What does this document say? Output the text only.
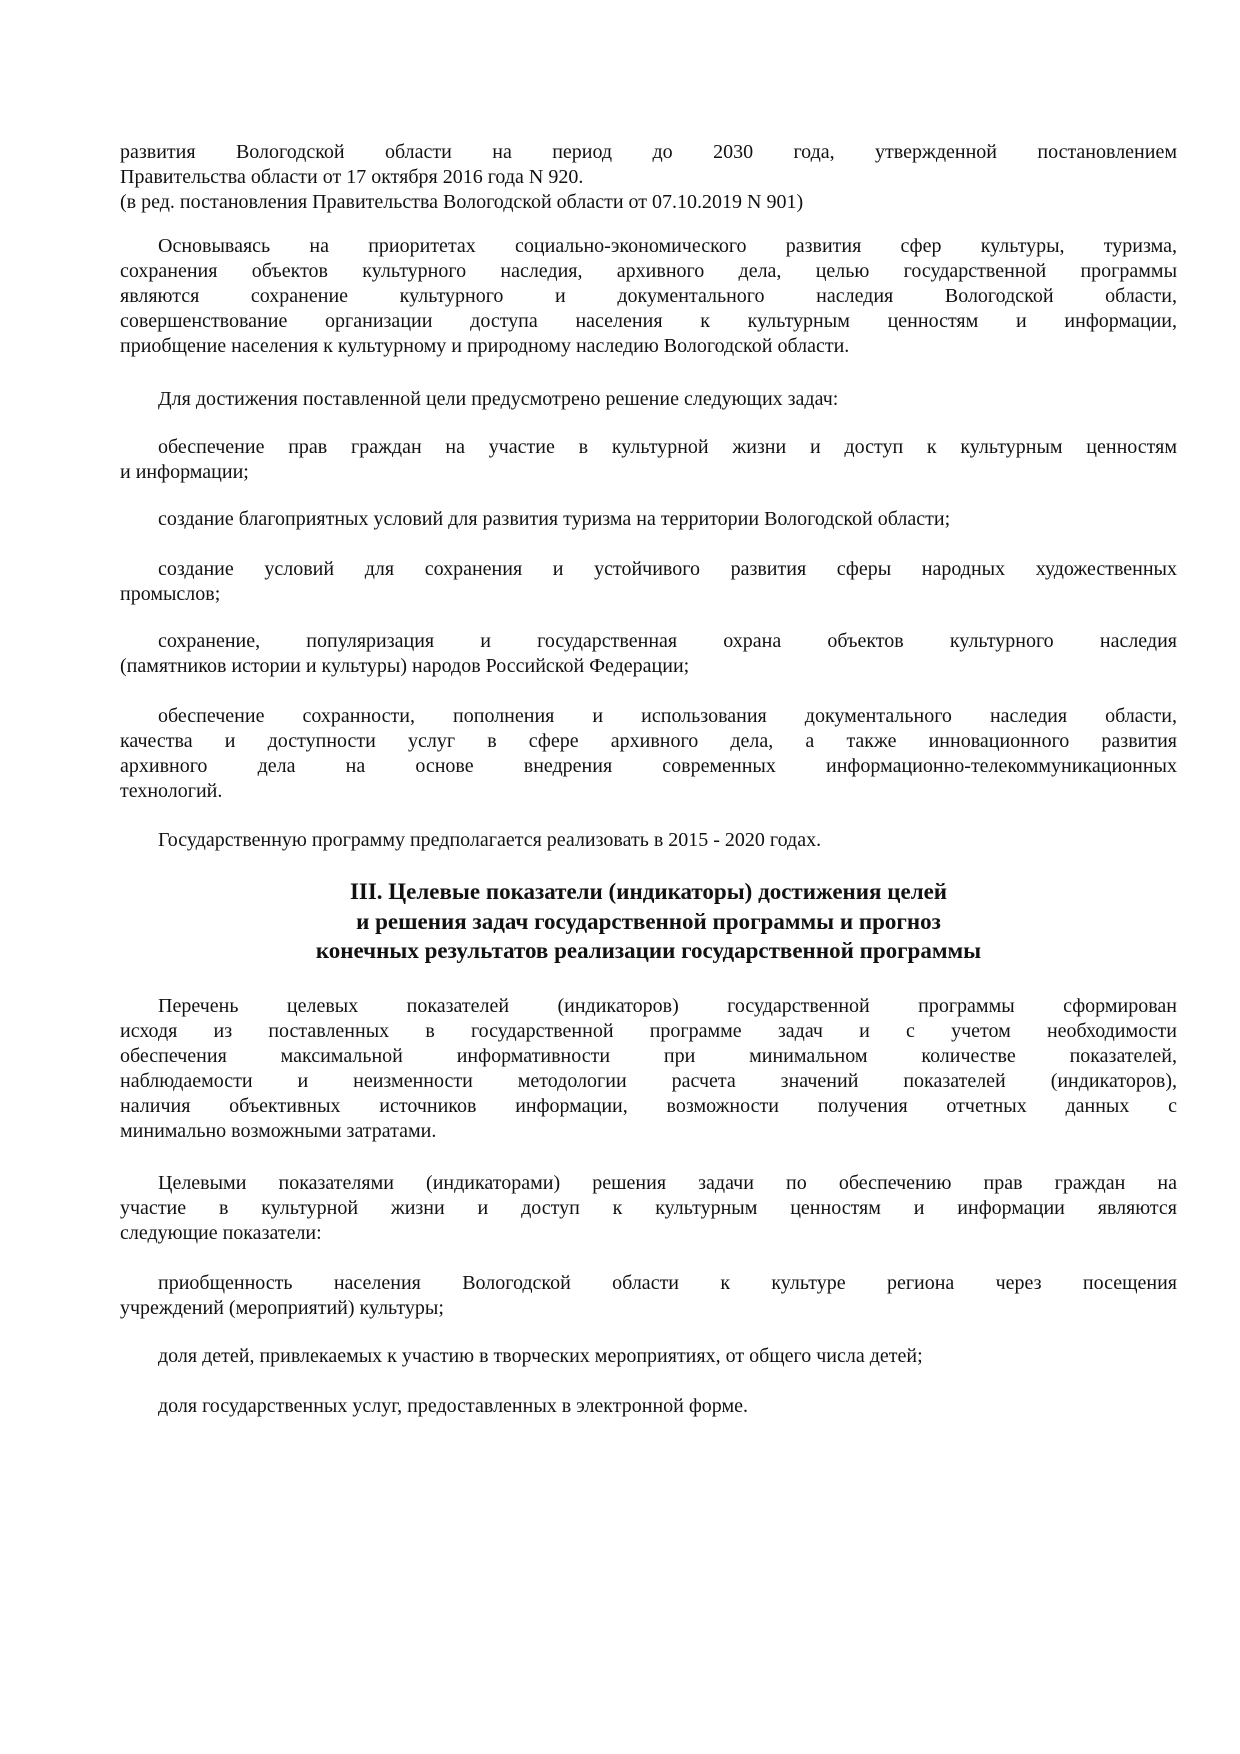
III. Целевые показатели (индикаторы) достижения целей
и решения задач государственной программы и прогноз
конечных результатов реализации государственной программы
развития Вологодской области на период до 2030 года, утвержденной постановлением
Правительства области от 17 октября 2016 года N 920.
(в ред. постановления Правительства Вологодской области от 07.10.2019 N 901)
Основываясь на приоритетах социально-экономического развития сфер культуры, туризма,
сохранения объектов культурного наследия, архивного дела, целью государственной программы
являются сохранение культурного и документального наследия Вологодской области,
совершенствование организации доступа населения к культурным ценностям и информации,
приобщение населения к культурному и природному наследию Вологодской области.
Для достижения поставленной цели предусмотрено решение следующих задач:
обеспечение прав граждан на участие в культурной жизни и доступ к культурным ценностям
и информации;
создание благоприятных условий для развития туризма на территории Вологодской области;
создание условий для сохранения и устойчивого развития сферы народных художественных
промыслов;
сохранение, популяризация и государственная охрана объектов культурного наследия
(памятников истории и культуры) народов Российской Федерации;
обеспечение сохранности, пополнения и использования документального наследия области,
качества и доступности услуг в сфере архивного дела, а также инновационного развития
архивного дела на основе внедрения современных информационно-телекоммуникационных
технологий.
Государственную программу предполагается реализовать в 2015 - 2020 годах.
Перечень целевых показателей (индикаторов) государственной программы сформирован
исходя из поставленных в государственной программе задач и с учетом необходимости
обеспечения максимальной информативности при минимальном количестве показателей,
наблюдаемости и неизменности методологии расчета значений показателей (индикаторов),
наличия объективных источников информации, возможности получения отчетных данных с
минимально возможными затратами.
Целевыми показателями (индикаторами) решения задачи по обеспечению прав граждан на
участие в культурной жизни и доступ к культурным ценностям и информации являются
следующие показатели:
приобщенность населения Вологодской области к культуре региона через посещения
учреждений (мероприятий) культуры;
доля детей, привлекаемых к участию в творческих мероприятиях, от общего числа детей;
доля государственных услуг, предоставленных в электронной форме.
